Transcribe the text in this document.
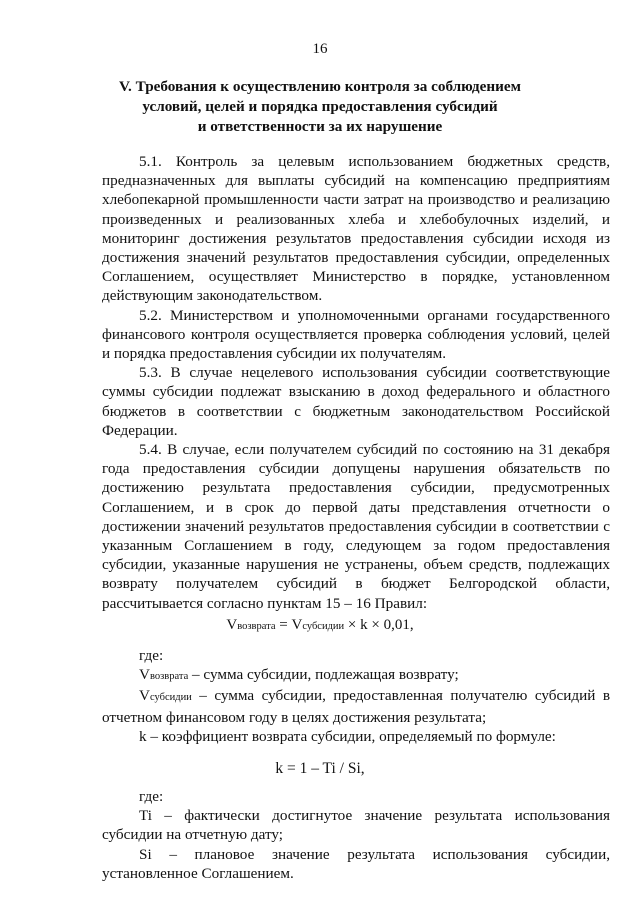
16
V. Требования к осуществлению контроля за соблюдением
условий, целей и порядка предоставления субсидий
и ответственности за их нарушение

5.1. Контроль за целевым использованием бюджетных средств, предназначенных для выплаты субсидий на компенсацию предприятиям хлебопекарной промышленности части затрат на производство и реализацию произведенных и реализованных хлеба и хлебобулочных изделий, и мониторинг достижения результатов предоставления субсидии исходя из достижения значений результатов предоставления субсидии, определенных Соглашением, осуществляет Министерство в порядке, установленном действующим законодательством.

5.2. Министерством и уполномоченными органами государственного финансового контроля осуществляется проверка соблюдения условий, целей и порядка предоставления субсидии их получателям.

5.3. В случае нецелевого использования субсидии соответствующие суммы субсидии подлежат взысканию в доход федерального и областного бюджетов в соответствии с бюджетным законодательством Российской Федерации.

5.4. В случае, если получателем субсидий по состоянию на 31 декабря года предоставления субсидии допущены нарушения обязательств по достижению результата предоставления субсидии, предусмотренных Соглашением, и в срок до первой даты представления отчетности о достижении значений результатов предоставления субсидии в соответствии с указанным Соглашением в году, следующем за годом предоставления субсидии, указанные нарушения не устранены, объем средств, подлежащих возврату получателем субсидий в бюджет Белгородской области, рассчитывается согласно пунктам 15 – 16 Правил:

Vвозврата = Vсубсидии × k × 0,01,

где:

Vвозврата – сумма субсидии, подлежащая возврату;

Vсубсидии – сумма субсидии, предоставленная получателю субсидий в отчетном финансовом году в целях достижения результата;

k – коэффициент возврата субсидии, определяемый по формуле:

k = 1 – Ti / Si,

где:

Ti – фактически достигнутое значение результата использования субсидии на отчетную дату;

Si – плановое значение результата использования субсидии, установленное Соглашением.
